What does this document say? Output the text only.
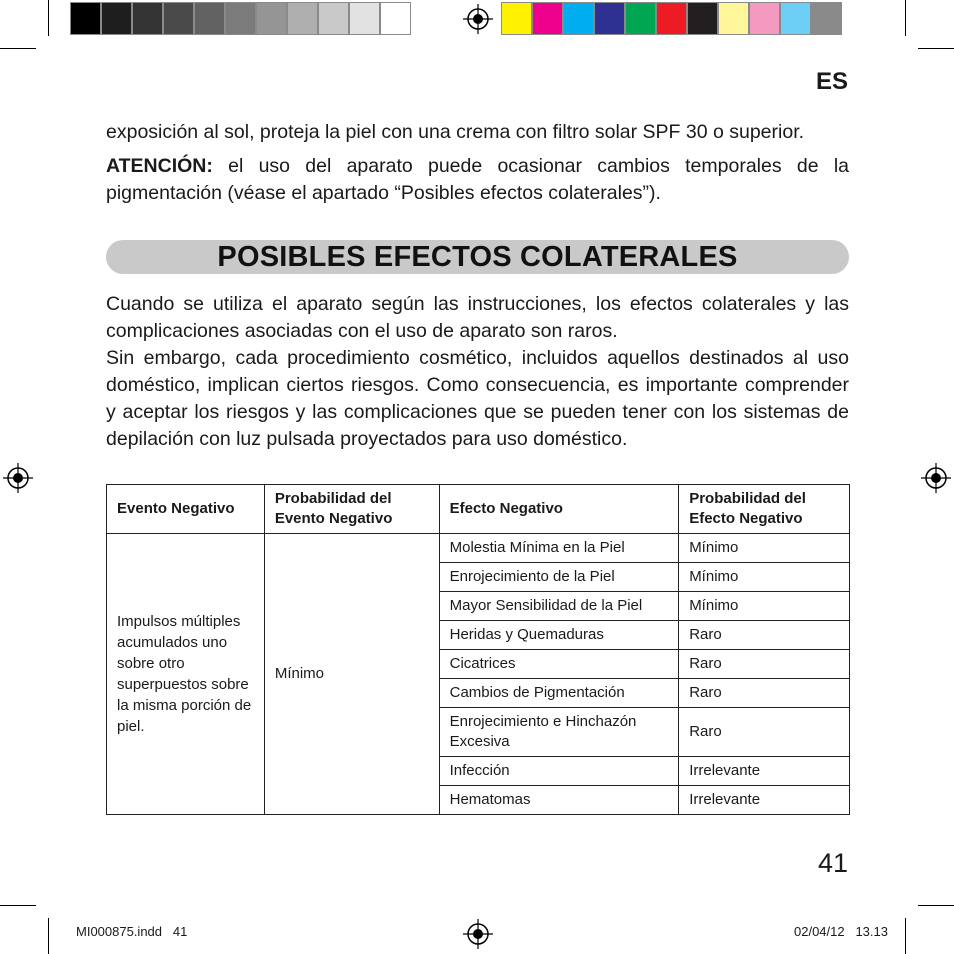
ES
exposición al sol, proteja la piel con una crema con filtro solar SPF 30 o superior.
ATENCIÓN: el uso del aparato puede ocasionar cambios temporales de la pigmentación (véase el apartado “Posibles efectos colaterales”).
POSIBLES EFECTOS COLATERALES
Cuando se utiliza el aparato según las instrucciones, los efectos colaterales y las complicaciones asociadas con el uso de aparato son raros.
Sin embargo, cada procedimiento cosmético, incluidos aquellos destinados al uso doméstico, implican ciertos riesgos. Como consecuencia, es importante comprender y aceptar los riesgos y las complicaciones que se pueden tener con los sistemas de depilación con luz pulsada proyectados para uso doméstico.
Evento Negativo	Probabilidad del Evento Negativo	Efecto Negativo	Probabilidad del Efecto Negativo
Impulsos múltiples acumulados uno sobre otro superpuestos sobre la misma porción de piel.	Mínimo	Molestia Mínima en la Piel	Mínimo
		Enrojecimiento de la Piel	Mínimo
		Mayor Sensibilidad de la Piel	Mínimo
		Heridas y Quemaduras	Raro
		Cicatrices	Raro
		Cambios de Pigmentación	Raro
		Enrojecimiento e Hinchazón Excesiva	Raro
		Infección	Irrelevante
		Hematomas	Irrelevante
41
MI000875.indd 41	02/04/12 13.13
